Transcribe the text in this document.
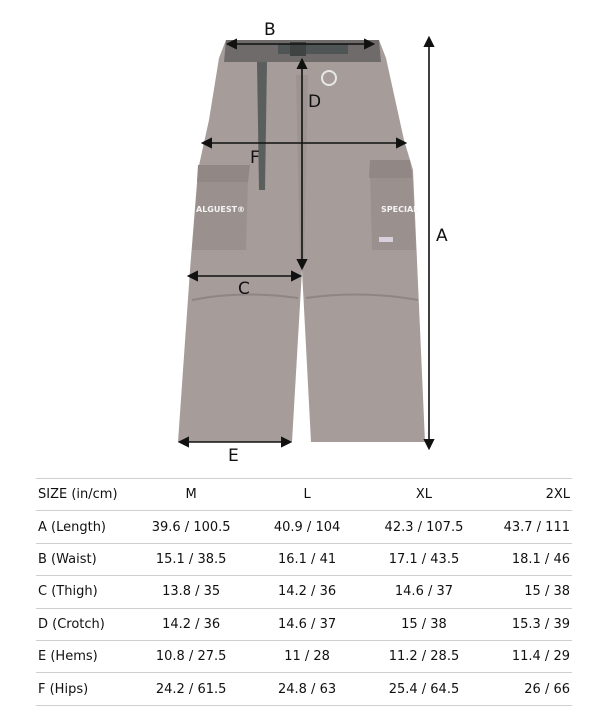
ALGUEST®	SPECIAL
B
D
F
A
C
E
SIZE (in/cm)	M	L	XL	2XL
A (Length)	39.6 / 100.5	40.9 / 104	42.3 / 107.5	43.7 / 111
B (Waist)	15.1 / 38.5	16.1 / 41	17.1 / 43.5	18.1 / 46
C (Thigh)	13.8 / 35	14.2 / 36	14.6 / 37	15 / 38
D (Crotch)	14.2 / 36	14.6 / 37	15 / 38	15.3 / 39
E (Hems)	10.8 / 27.5	11 / 28	11.2 / 28.5	11.4 / 29
F (Hips)	24.2 / 61.5	24.8 / 63	25.4 / 64.5	26 / 66
